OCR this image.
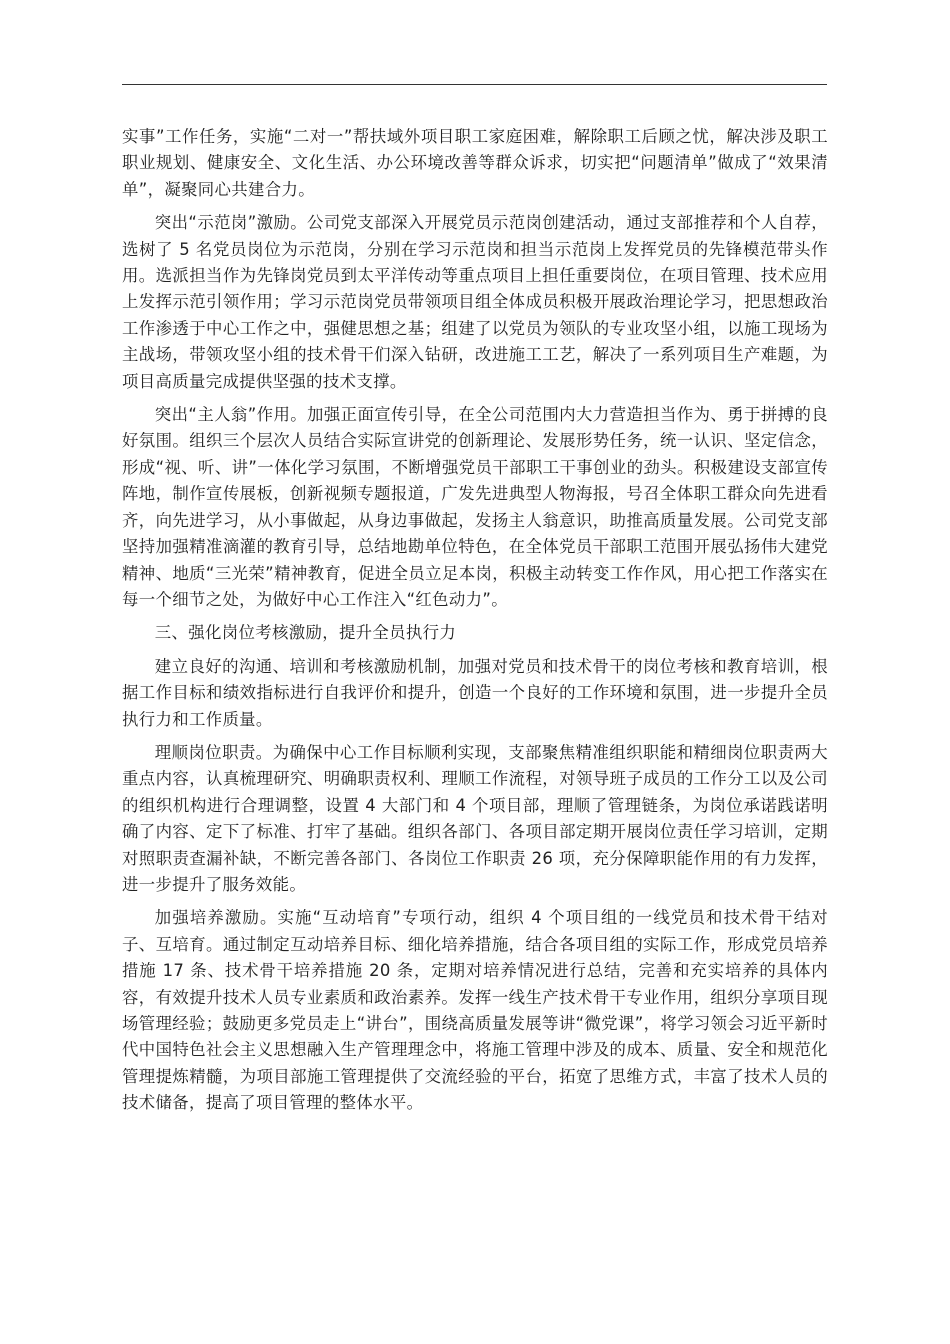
实事”工作任务，实施“二对一”帮扶域外项目职工家庭困难，解除职工后顾之忧，解决涉及职工职业规划、健康安全、文化生活、办公环境改善等群众诉求，切实把“问题清单”做成了“效果清单”，凝聚同心共建合力。

突出“示范岗”激励。公司党支部深入开展党员示范岗创建活动，通过支部推荐和个人自荐，选树了 5 名党员岗位为示范岗，分别在学习示范岗和担当示范岗上发挥党员的先锋模范带头作用。选派担当作为先锋岗党员到太平洋传动等重点项目上担任重要岗位，在项目管理、技术应用上发挥示范引领作用；学习示范岗党员带领项目组全体成员积极开展政治理论学习，把思想政治工作渗透于中心工作之中，强健思想之基；组建了以党员为领队的专业攻坚小组，以施工现场为主战场，带领攻坚小组的技术骨干们深入钻研，改进施工工艺，解决了一系列项目生产难题，为项目高质量完成提供坚强的技术支撑。

突出“主人翁”作用。加强正面宣传引导，在全公司范围内大力营造担当作为、勇于拼搏的良好氛围。组织三个层次人员结合实际宣讲党的创新理论、发展形势任务，统一认识、坚定信念，形成“视、听、讲”一体化学习氛围，不断增强党员干部职工干事创业的劲头。积极建设支部宣传阵地，制作宣传展板，创新视频专题报道，广发先进典型人物海报，号召全体职工群众向先进看齐，向先进学习，从小事做起，从身边事做起，发扬主人翁意识，助推高质量发展。公司党支部坚持加强精准滴灌的教育引导，总结地勘单位特色，在全体党员干部职工范围开展弘扬伟大建党精神、地质“三光荣”精神教育，促进全员立足本岗，积极主动转变工作作风，用心把工作落实在每一个细节之处，为做好中心工作注入“红色动力”。

三、强化岗位考核激励，提升全员执行力

建立良好的沟通、培训和考核激励机制，加强对党员和技术骨干的岗位考核和教育培训，根据工作目标和绩效指标进行自我评价和提升，创造一个良好的工作环境和氛围，进一步提升全员执行力和工作质量。

理顺岗位职责。为确保中心工作目标顺利实现，支部聚焦精准组织职能和精细岗位职责两大重点内容，认真梳理研究、明确职责权利、理顺工作流程，对领导班子成员的工作分工以及公司的组织机构进行合理调整，设置 4 大部门和 4 个项目部，理顺了管理链条，为岗位承诺践诺明确了内容、定下了标准、打牢了基础。组织各部门、各项目部定期开展岗位责任学习培训，定期对照职责查漏补缺，不断完善各部门、各岗位工作职责 26 项，充分保障职能作用的有力发挥，进一步提升了服务效能。

加强培养激励。实施“互动培育”专项行动，组织 4 个项目组的一线党员和技术骨干结对子、互培育。通过制定互动培养目标、细化培养措施，结合各项目组的实际工作，形成党员培养措施 17 条、技术骨干培养措施 20 条，定期对培养情况进行总结，完善和充实培养的具体内容，有效提升技术人员专业素质和政治素养。发挥一线生产技术骨干专业作用，组织分享项目现场管理经验；鼓励更多党员走上“讲台”，围绕高质量发展等讲“微党课”，将学习领会习近平新时代中国特色社会主义思想融入生产管理理念中，将施工管理中涉及的成本、质量、安全和规范化管理提炼精髓，为项目部施工管理提供了交流经验的平台，拓宽了思维方式，丰富了技术人员的技术储备，提高了项目管理的整体水平。
